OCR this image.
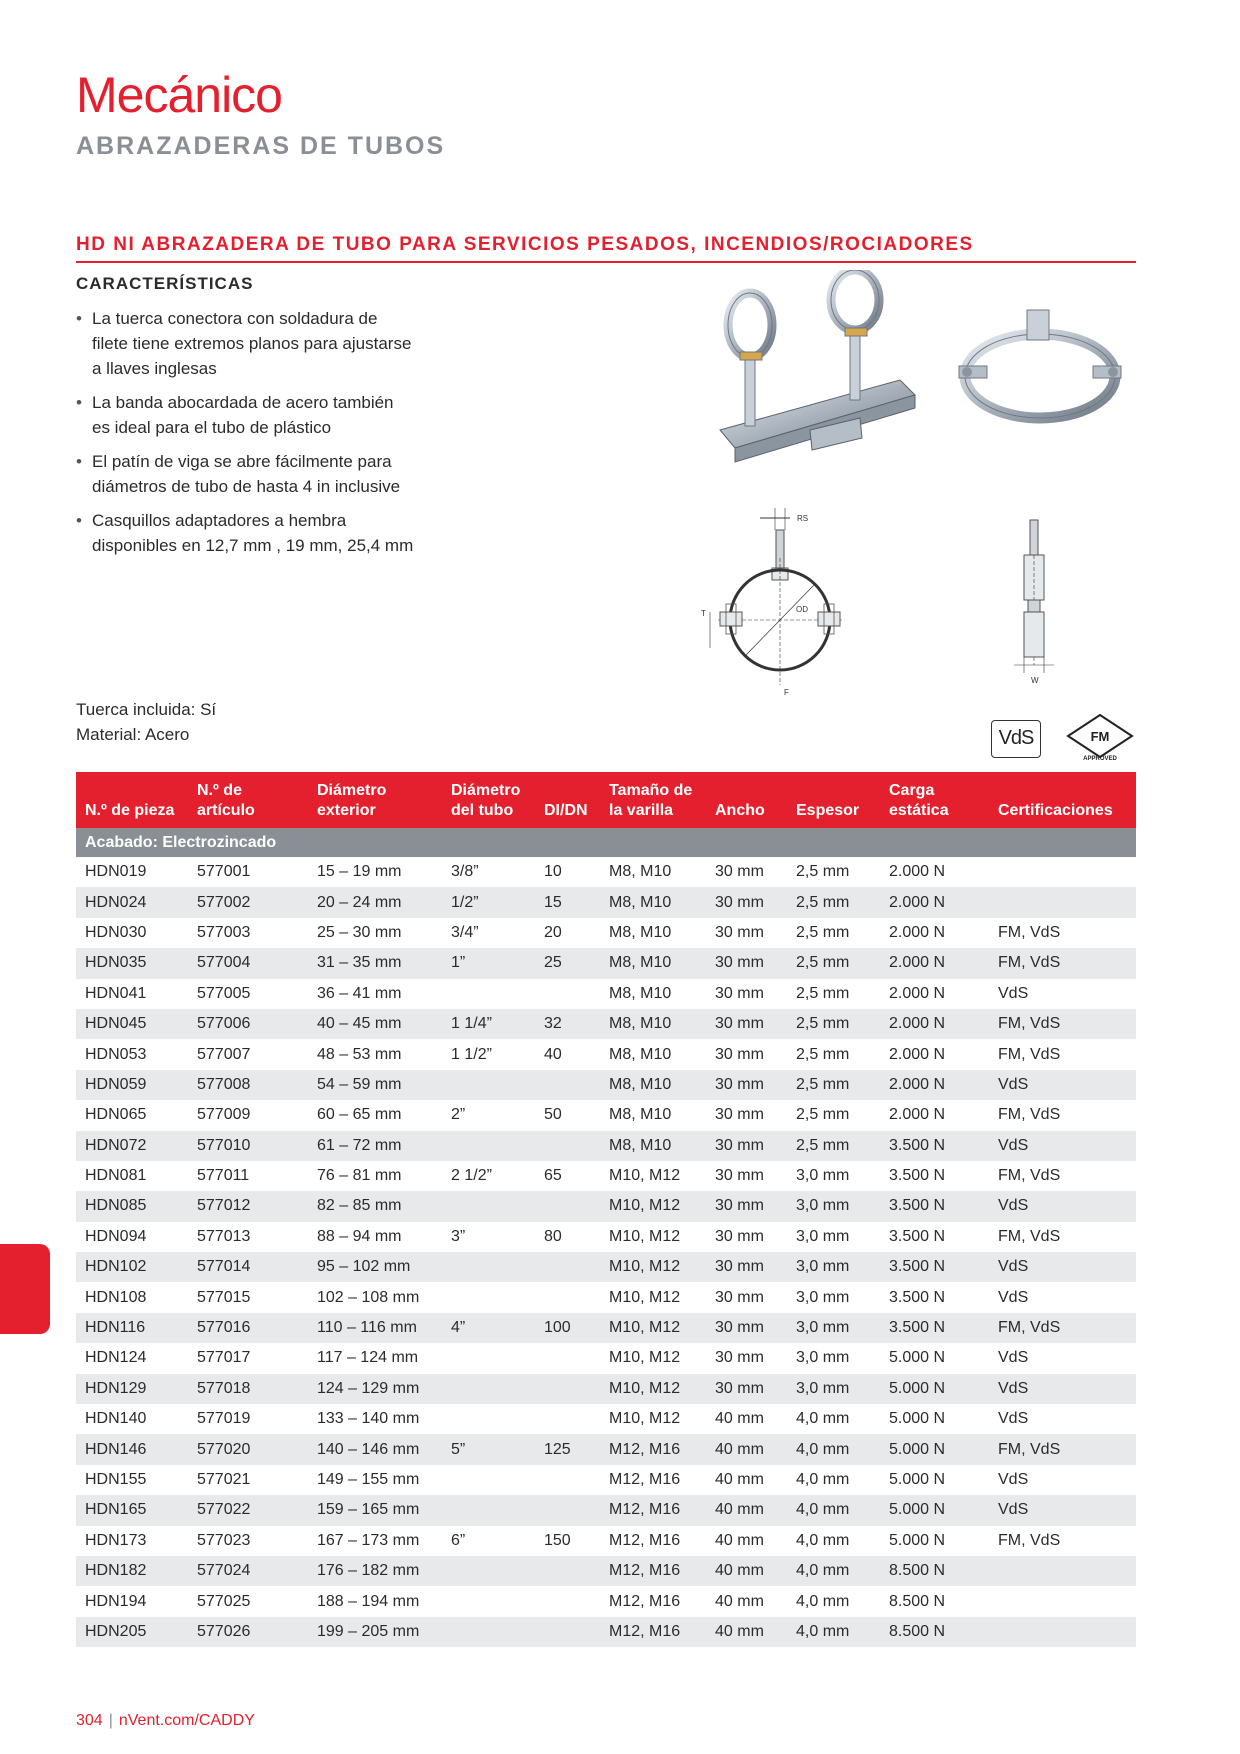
Mecánico
ABRAZADERAS DE TUBOS
HD NI ABRAZADERA DE TUBO PARA SERVICIOS PESADOS, INCENDIOS/ROCIADORES
CARACTERÍSTICAS
• La tuerca conectora con soldadura de filete tiene extremos planos para ajustarse a llaves inglesas
• La banda abocardada de acero también es ideal para el tubo de plástico
• El patín de viga se abre fácilmente para diámetros de tubo de hasta 4 in inclusive
• Casquillos adaptadores a hembra disponibles en 12,7 mm , 19 mm, 25,4 mm
Tuerca incluida: Sí
Material: Acero
RS
OD
T
F
W
VdS	FM
APPROVED
N.º de pieza	N.º de artículo	Diámetro exterior	Diámetro del tubo	DI/DN	Tamaño de la varilla	Ancho	Espesor	Carga estática	Certificaciones
Acabado: Electrozincado									
HDN019	577001	15 – 19 mm	3/8”	10	M8, M10	30 mm	2,5 mm	2.000 N	
HDN024	577002	20 – 24 mm	1/2”	15	M8, M10	30 mm	2,5 mm	2.000 N	
HDN030	577003	25 – 30 mm	3/4”	20	M8, M10	30 mm	2,5 mm	2.000 N	FM, VdS
HDN035	577004	31 – 35 mm	1”	25	M8, M10	30 mm	2,5 mm	2.000 N	FM, VdS
HDN041	577005	36 – 41 mm			M8, M10	30 mm	2,5 mm	2.000 N	VdS
HDN045	577006	40 – 45 mm	1 1/4”	32	M8, M10	30 mm	2,5 mm	2.000 N	FM, VdS
HDN053	577007	48 – 53 mm	1 1/2”	40	M8, M10	30 mm	2,5 mm	2.000 N	FM, VdS
HDN059	577008	54 – 59 mm			M8, M10	30 mm	2,5 mm	2.000 N	VdS
HDN065	577009	60 – 65 mm	2”	50	M8, M10	30 mm	2,5 mm	2.000 N	FM, VdS
HDN072	577010	61 – 72 mm			M8, M10	30 mm	2,5 mm	3.500 N	VdS
HDN081	577011	76 – 81 mm	2 1/2”	65	M10, M12	30 mm	3,0 mm	3.500 N	FM, VdS
HDN085	577012	82 – 85 mm			M10, M12	30 mm	3,0 mm	3.500 N	VdS
HDN094	577013	88 – 94 mm	3”	80	M10, M12	30 mm	3,0 mm	3.500 N	FM, VdS
HDN102	577014	95 – 102 mm			M10, M12	30 mm	3,0 mm	3.500 N	VdS
HDN108	577015	102 – 108 mm			M10, M12	30 mm	3,0 mm	3.500 N	VdS
HDN116	577016	110 – 116 mm	4”	100	M10, M12	30 mm	3,0 mm	3.500 N	FM, VdS
HDN124	577017	117 – 124 mm			M10, M12	30 mm	3,0 mm	5.000 N	VdS
HDN129	577018	124 – 129 mm			M10, M12	30 mm	3,0 mm	5.000 N	VdS
HDN140	577019	133 – 140 mm			M10, M12	40 mm	4,0 mm	5.000 N	VdS
HDN146	577020	140 – 146 mm	5”	125	M12, M16	40 mm	4,0 mm	5.000 N	FM, VdS
HDN155	577021	149 – 155 mm			M12, M16	40 mm	4,0 mm	5.000 N	VdS
HDN165	577022	159 – 165 mm			M12, M16	40 mm	4,0 mm	5.000 N	VdS
HDN173	577023	167 – 173 mm	6”	150	M12, M16	40 mm	4,0 mm	5.000 N	FM, VdS
HDN182	577024	176 – 182 mm			M12, M16	40 mm	4,0 mm	8.500 N	
HDN194	577025	188 – 194 mm			M12, M16	40 mm	4,0 mm	8.500 N	
HDN205	577026	199 – 205 mm			M12, M16	40 mm	4,0 mm	8.500 N	
304 | nVent.com/CADDY
